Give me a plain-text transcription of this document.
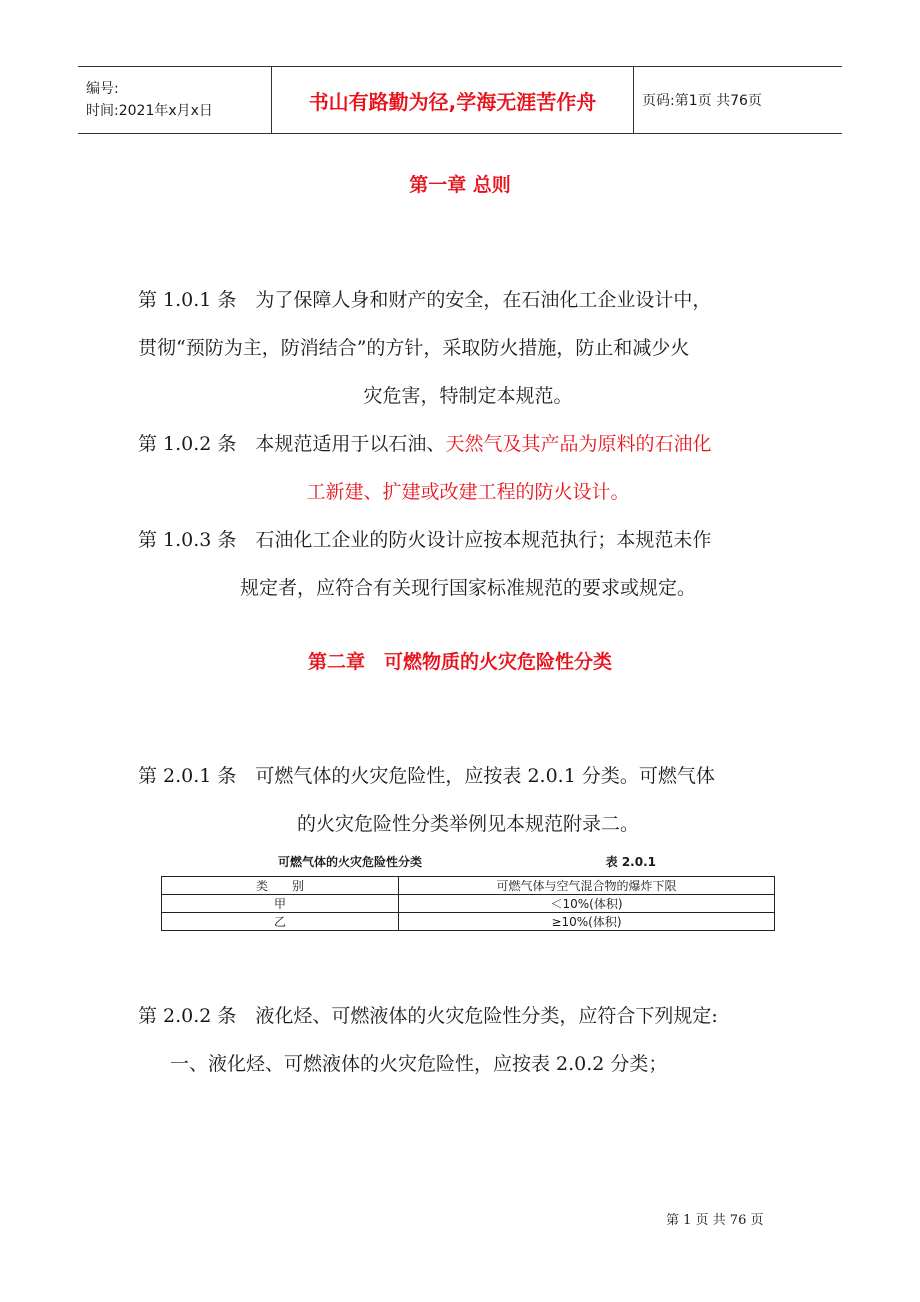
编号:
时间:2021年x月x日	书山有路勤为径,学海无涯苦作舟	页码:第1页 共76页
第一章 总则
第 1.0.1 条　为了保障人身和财产的安全，在石油化工企业设计中，
贯彻“预防为主，防消结合”的方针，采取防火措施，防止和减少火
灾危害，特制定本规范。
第 1.0.2 条　本规范适用于以石油、天然气及其产品为原料的石油化
工新建、扩建或改建工程的防火设计。
第 1.0.3 条　石油化工企业的防火设计应按本规范执行；本规范未作
规定者，应符合有关现行国家标准规范的要求或规定。
第二章　可燃物质的火灾危险性分类
第 2.0.1 条　可燃气体的火灾危险性，应按表 2.0.1 分类。可燃气体
的火灾危险性分类举例见本规范附录二。
可燃气体的火灾危险性分类	表 2.0.1
类　　别	可燃气体与空气混合物的爆炸下限
甲	＜10%(体积)
乙	≥10%(体积)
第 2.0.2 条　液化烃、可燃液体的火灾危险性分类，应符合下列规定:
一、液化烃、可燃液体的火灾危险性，应按表 2.0.2 分类；
第 1 页 共 76 页
